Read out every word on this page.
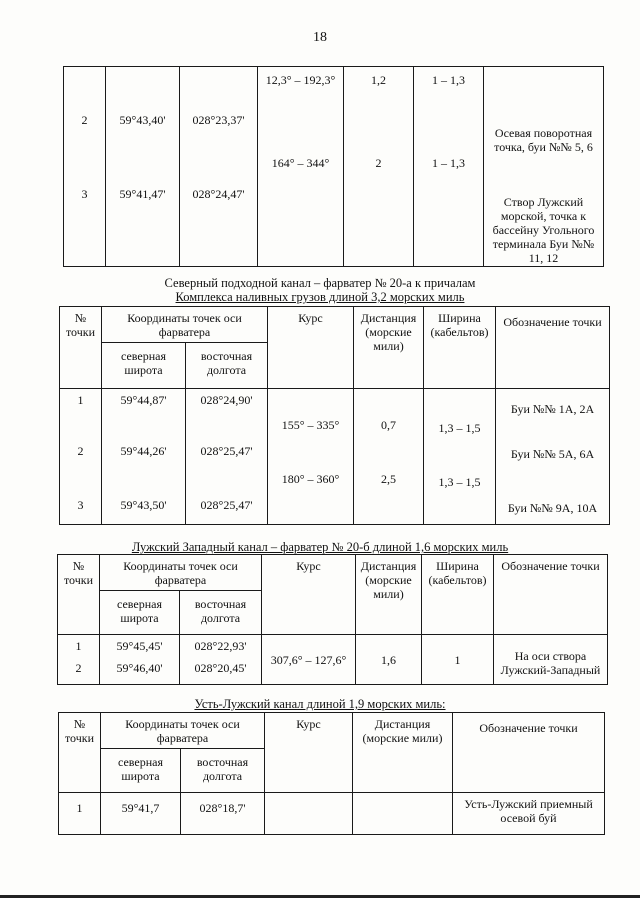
18
			12,3° – 192,3°	1,2	1 – 1,3	
2	59°43,40'	028°23,37'				Осевая поворотная точка, буи №№ 5, 6
			164° – 344°	2	1 – 1,3	
3	59°41,47'	028°24,47'				Створ Лужский морской, точка к бассейну Угольного терминала Буи №№ 11, 12
Северный подходной канал – фарватер № 20-а к причалам
Комплекса наливных грузов длиной 3,2 морских миль
№ точки	Координаты точек оси фарватера		Курс	Дистанция (морские мили)	Ширина (кабельтов)	Обозначение точки
	северная широта	восточная долгота				
1	59°44,87'	028°24,90'				Буи №№ 1А, 2А
			155° – 335°	0,7	1,3 – 1,5	
2	59°44,26'	028°25,47'				Буи №№ 5А, 6А
			180° – 360°	2,5	1,3 – 1,5	
3	59°43,50'	028°25,47'				Буи №№ 9А, 10А
Лужский Западный канал – фарватер № 20-б длиной 1,6 морских миль
№ точки	Координаты точек оси фарватера		Курс	Дистанция (морские мили)	Ширина (кабельтов)	Обозначение точки
	северная широта	восточная долгота				
1	59°45,45'	028°22,93'	307,6° – 127,6°	1,6	1	На оси створа Лужский-Западный
2	59°46,40'	028°20,45'				
Усть-Лужский канал длиной 1,9 морских миль:
№ точки	Координаты точек оси фарватера		Курс	Дистанция (морские мили)	Обозначение точки
	северная широта	восточная долгота			
1	59°41,7	028°18,7'			Усть-Лужский приемный осевой буй
